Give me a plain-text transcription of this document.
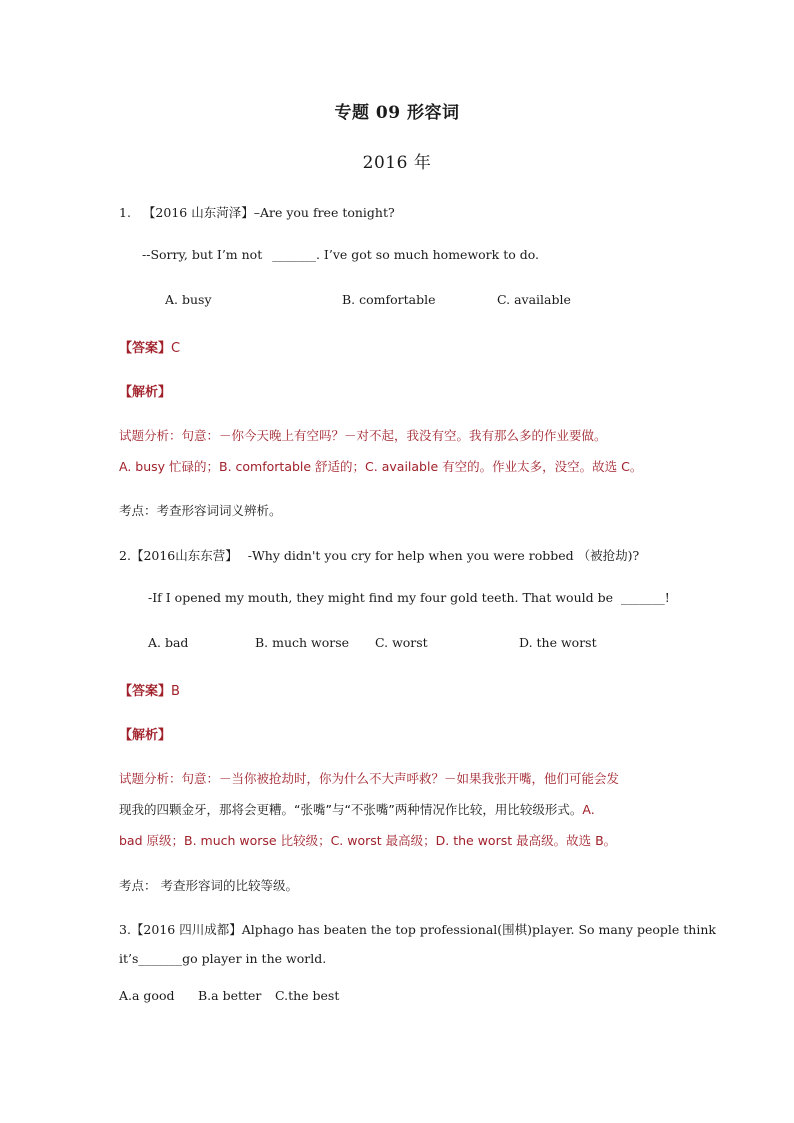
专题 09 形容词
2016 年
1. 【2016 山东菏泽】–Are you free tonight?
--Sorry, but I’m not _______. I’ve got so much homework to do.
A. busy	B. comfortable	C. available
【答案】C
【解析】
试题分析：句意：－你今天晚上有空吗？－对不起，我没有空。我有那么多的作业要做。
A. busy 忙碌的；B. comfortable 舒适的；C. available 有空的。作业太多，没空。故选 C。
考点：考查形容词词义辨析。
2.【2016山东东营】 -Why didn't you cry for help when you were robbed （被抢劫)?
-If I opened my mouth, they might find my four gold teeth. That would be _______!
A. bad	B. much worse C. worst	D. the worst
【答案】B
【解析】
试题分析：句意：－当你被抢劫时，你为什么不大声呼救？－如果我张开嘴，他们可能会发
现我的四颗金牙，那将会更糟。“张嘴”与“不张嘴”两种情况作比较，用比较级形式。A.
bad 原级；B. much worse 比较级；C. worst 最高级；D. the worst 最高级。故选 B。
考点： 考查形容词的比较等级。
3.【2016 四川成都】Alphago has beaten the top professional(围棋)player. So many people think
it’s_______go player in the world.
A.a good B.a better C.the best
